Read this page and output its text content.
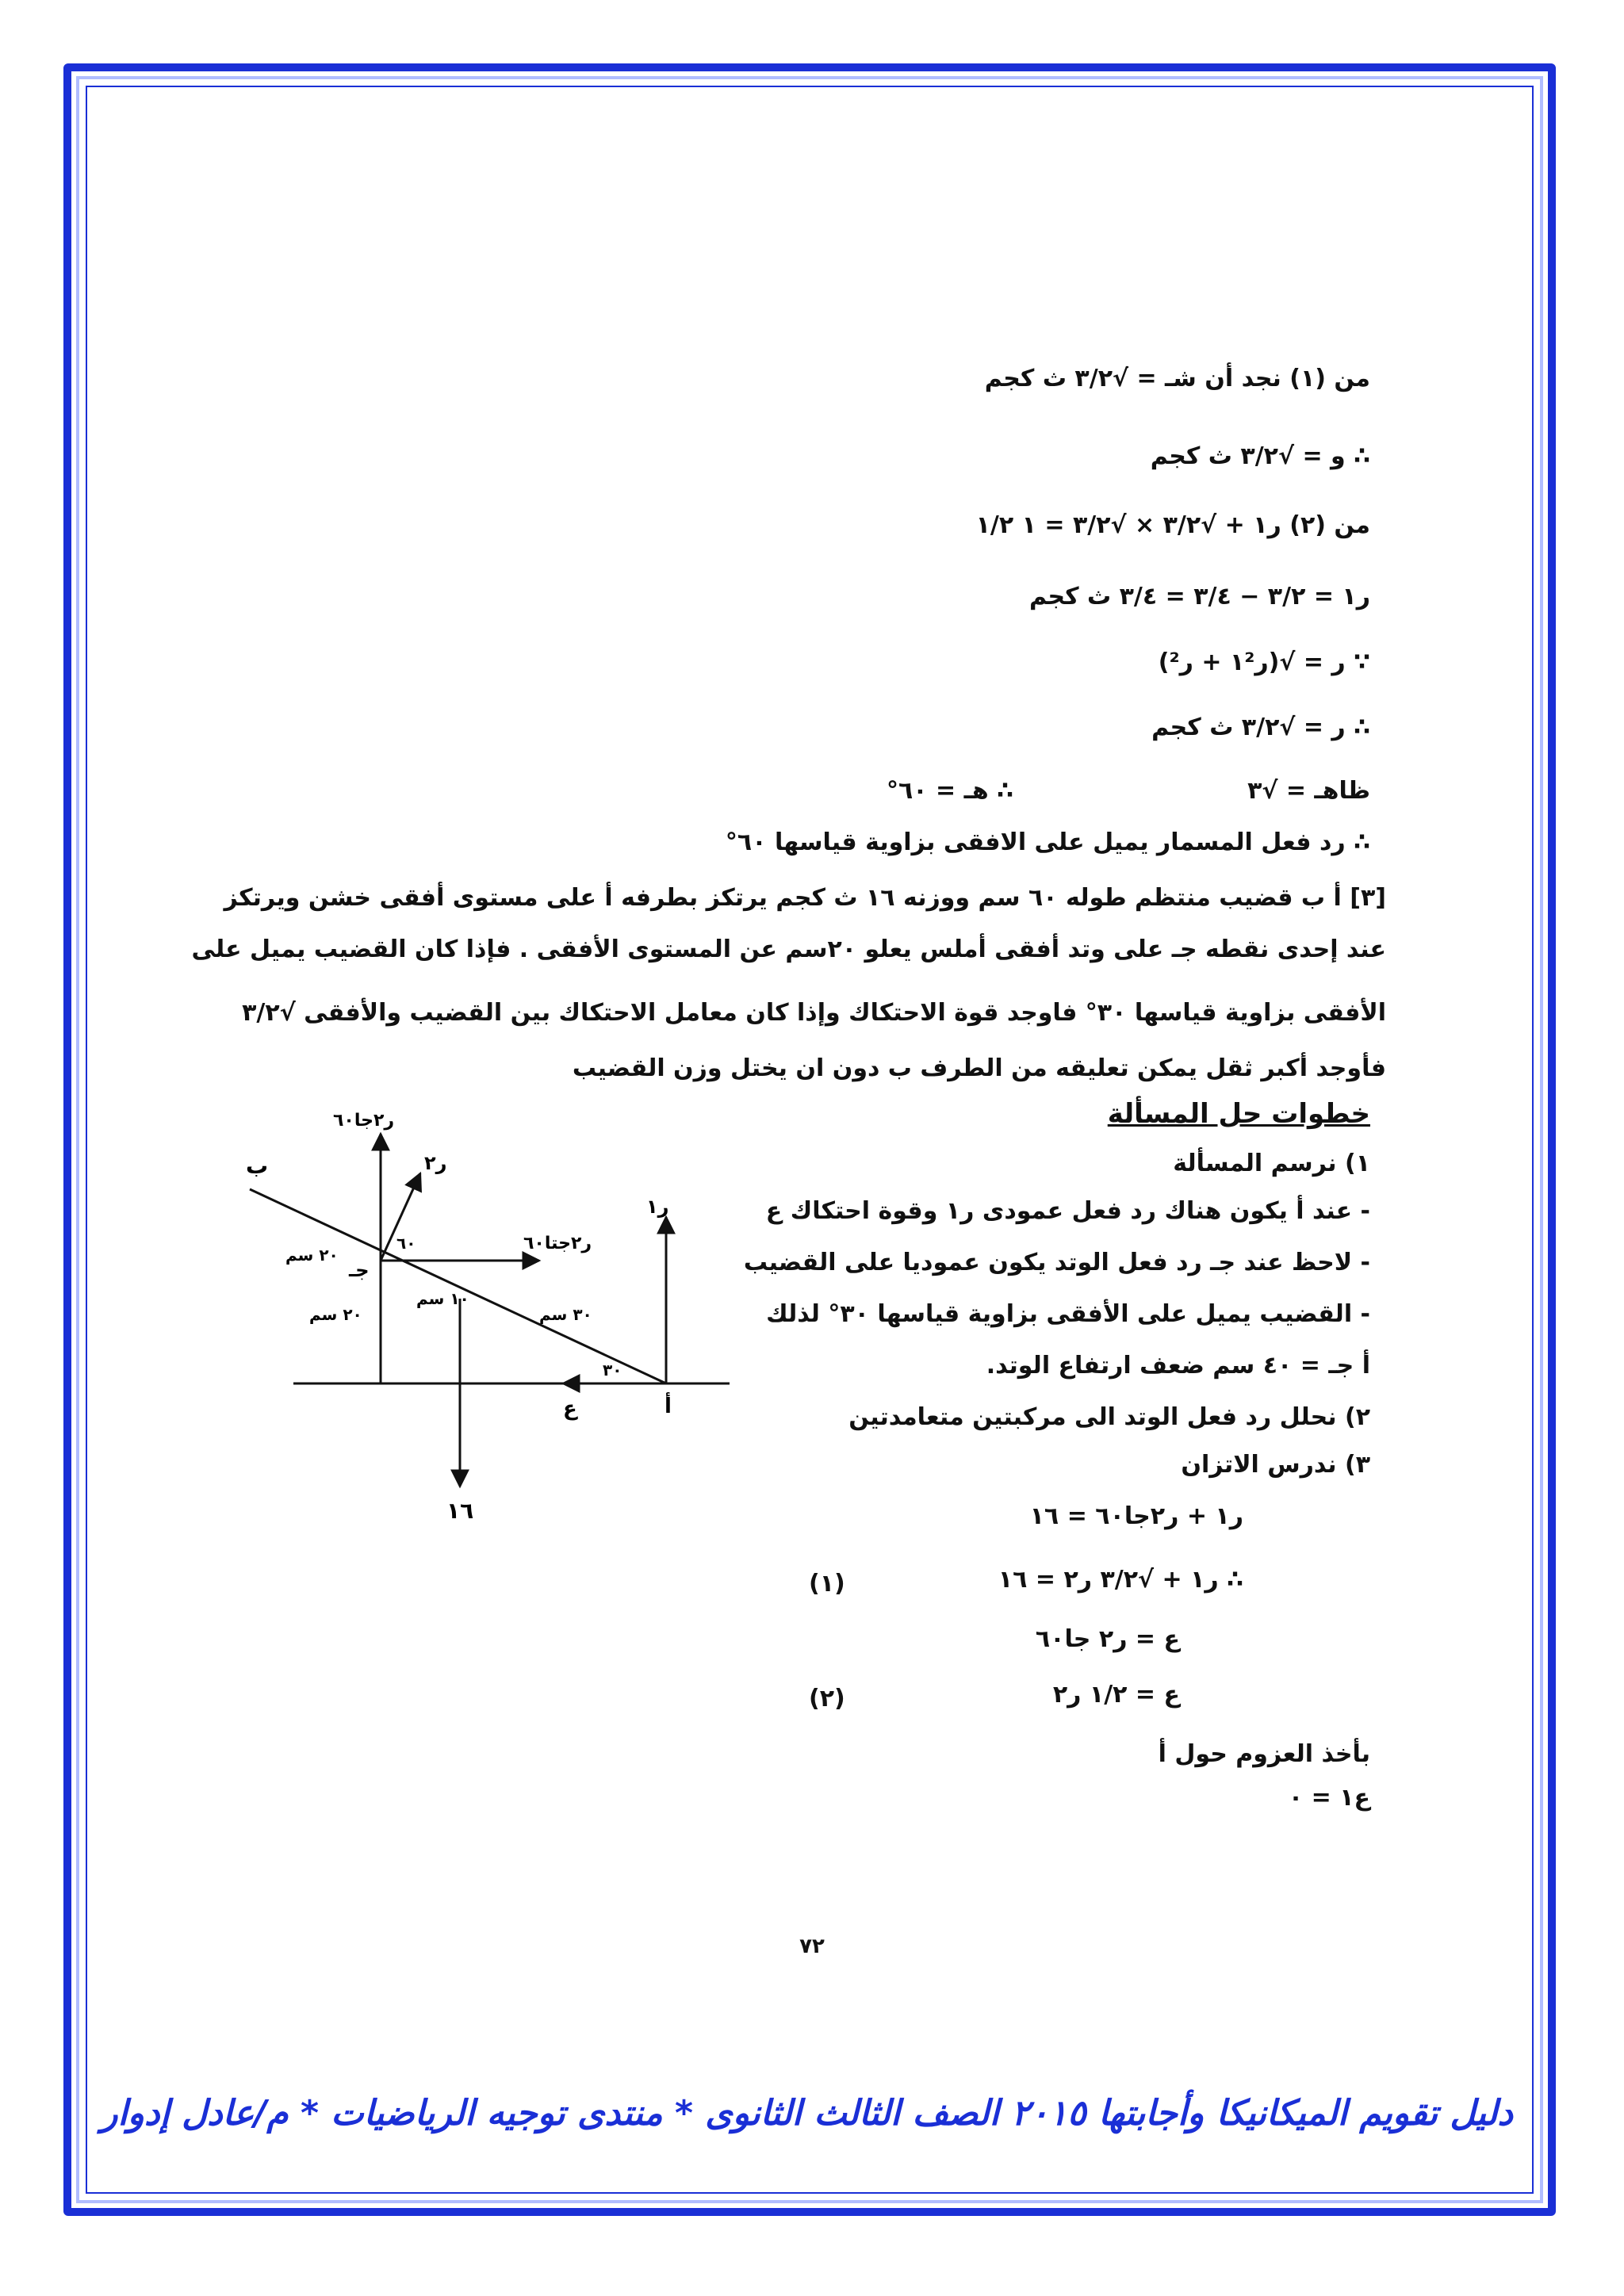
من (١) نجد أن شـ = √٣/٢ ث كجم
∴ و = √٣/٢ ث كجم
من (٢) ر١ + √٣/٢ × √٣/٢ = ١ ١/٢
ر١ = ٣/٢ − ٣/٤ = ٣/٤ ث كجم
∵ ر = √(ر١² + ر²)
∴ ر = √٣/٢ ث كجم
ظاهـ = √٣
∴ هـ = ٦٠°
∴ رد فعل المسمار يميل على الافقى بزاوية قياسها ٦٠°
[٣] أ ب قضيب منتظم طوله ٦٠ سم ووزنه ١٦ ث كجم يرتكز بطرفه أ على مستوى أفقى خشن ويرتكز
عند إحدى نقطه جـ على وتد أفقى أملس يعلو ٢٠سم عن المستوى الأفقى . فإذا كان القضيب يميل على
الأفقى بزاوية قياسها ٣٠° فاوجد قوة الاحتكاك وإذا كان معامل الاحتكاك بين القضيب والأفقى √٣/٢
فأوجد أكبر ثقل يمكن تعليقه من الطرف ب دون ان يختل وزن القضيب
خطوات حل المسألة
١) نرسم المسألة
- عند أ يكون هناك رد فعل عمودى ر١ وقوة احتكاك ع
- لاحظ عند جـ رد فعل الوتد يكون عموديا على القضيب
- القضيب يميل على الأفقى بزاوية قياسها ٣٠° لذلك
أ جـ = ٤٠ سم ضعف ارتفاع الوتد.
٢) نحلل رد فعل الوتد الى مركبتين متعامدتين
٣) ندرس الاتزان
ر١ + ر٢جا٦٠ = ١٦
∴ ر١ + √٣/٢ ر٢ = ١٦
(١)
ع = ر٢ جا٦٠
ع = ١/٢ ر٢
(٢)
بأخذ العزوم حول أ
ع١ = ٠
ب
جـ
أ
ع
١٦
ر١
ر٢
ر٢جا٦٠
ر٢جتا٦٠
٦٠
٣٠
٢٠ سم
٢٠ سم
١٠ سم
٣٠ سم
٧٢
دليل تقويم الميكانيكا وأجابتها ٢٠١٥ الصف الثالث الثانوى * منتدى توجيه الرياضيات * م/عادل إدوار
